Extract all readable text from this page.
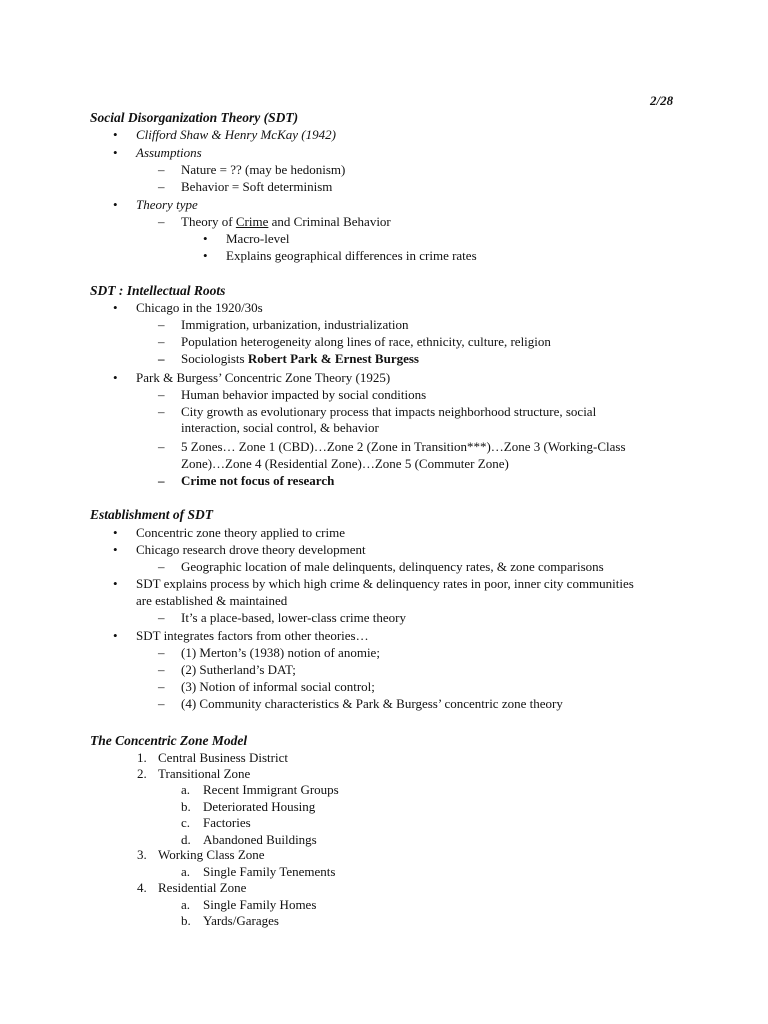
2/28
Social Disorganization Theory (SDT)
• Clifford Shaw & Henry McKay (1942)
• Assumptions
– Nature = ?? (may be hedonism)
– Behavior = Soft determinism
• Theory type
– Theory of Crime and Criminal Behavior
• Macro-level
• Explains geographical differences in crime rates
SDT : Intellectual Roots
• Chicago in the 1920/30s
– Immigration, urbanization, industrialization
– Population heterogeneity along lines of race, ethnicity, culture, religion
– Sociologists Robert Park & Ernest Burgess
• Park & Burgess’ Concentric Zone Theory (1925)
– Human behavior impacted by social conditions
– City growth as evolutionary process that impacts neighborhood structure, social
interaction, social control, & behavior
– 5 Zones… Zone 1 (CBD)…Zone 2 (Zone in Transition***)…Zone 3 (Working-Class
Zone)…Zone 4 (Residential Zone)…Zone 5 (Commuter Zone)
– Crime not focus of research
Establishment of SDT
• Concentric zone theory applied to crime
• Chicago research drove theory development
– Geographic location of male delinquents, delinquency rates, & zone comparisons
• SDT explains process by which high crime & delinquency rates in poor, inner city communities
are established & maintained
– It’s a place-based, lower-class crime theory
• SDT integrates factors from other theories…
– (1) Merton’s (1938) notion of anomie;
– (2) Sutherland’s DAT;
– (3) Notion of informal social control;
– (4) Community characteristics & Park & Burgess’ concentric zone theory
The Concentric Zone Model
1. Central Business District
2. Transitional Zone
a. Recent Immigrant Groups
b. Deteriorated Housing
c. Factories
d. Abandoned Buildings
3. Working Class Zone
a. Single Family Tenements
4. Residential Zone
a. Single Family Homes
b. Yards/Garages
